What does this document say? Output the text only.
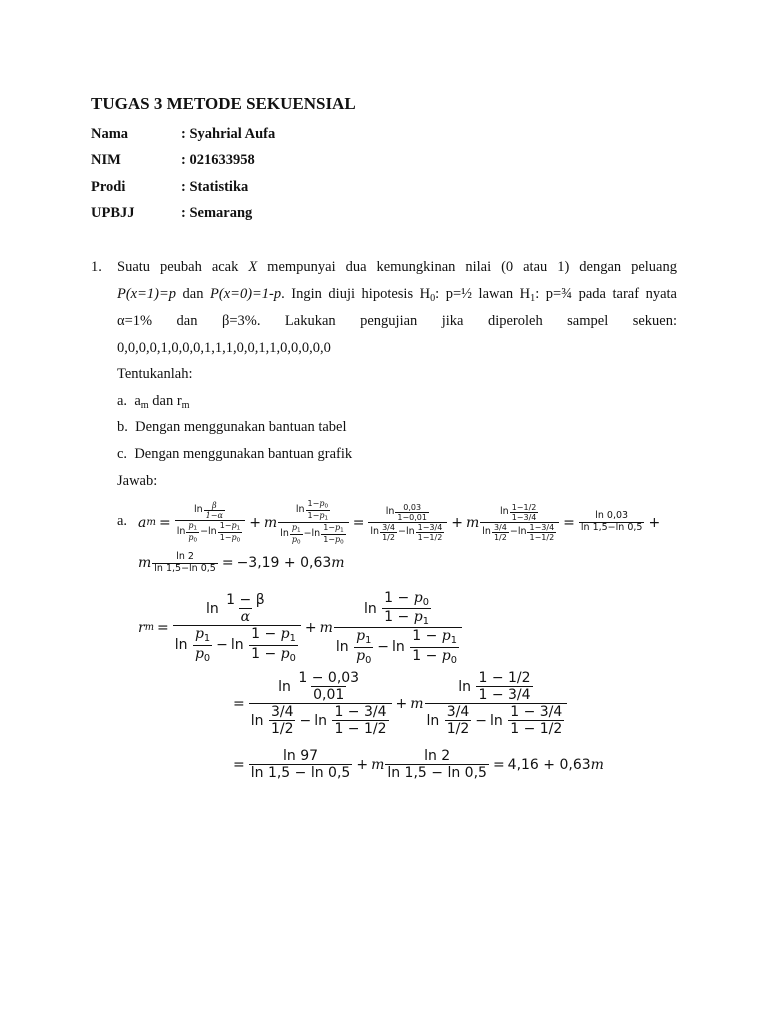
TUGAS 3 METODE SEKUENSIAL
Nama	: Syahrial Aufa
NIM	: 021633958
Prodi	: Statistika
UPBJJ	: Semarang
1. Suatu peubah acak X mempunyai dua kemungkinan nilai (0 atau 1) dengan peluang
P(x=1)=p dan P(x=0)=1-p. Ingin diuji hipotesis $H_0$: p=½ lawan $H_1$: p=¾ pada taraf nyata
α=1% dan β=3%. Lakukan pengujian jika diperoleh sampel sekuen:
0,0,0,0,1,0,0,0,1,1,1,0,0,1,1,0,0,0,0,0
Tentukanlah:
a. $a_m$ dan $r_m$
b. Dengan menggunakan bantuan tabel
c. Dengan menggunakan bantuan grafik
Jawab:
a. a $m = \frac{\ln \frac{\beta}{1-\alpha}}{\ln \frac{p_1}{p_0} - \ln \frac{1-p_1}{1-p_0}} + m \frac{\ln \frac{1-p_0}{1-p_1}}{\ln \frac{p_1}{p_0} - \ln \frac{1-p_1}{1-p_0}} = \frac{\ln \frac{0,03}{1-0,01}}{\ln \frac{3/4}{1/2} - \ln \frac{1-3/4}{1-1/2}} + m \frac{\ln \frac{1-1/2}{1-3/4}}{\ln \frac{3/4}{1/2} - \ln \frac{1-3/4}{1-1/2}} = \frac{\ln 0,03}{\ln 1,5-\ln 0,5}$ +
m $\frac{\ln 2}{\ln 1,5-\ln 0,5} = -3,19 + 0,63$ m
r m = ln
$\frac{1 - \beta}{\alpha}$
ln
$\frac{p_1}{p_0} - \ln$
$\frac{1 - p_1}{1 - p_0} + m$ ln
$\frac{1 - p_0}{1 - p_1}$
ln
$\frac{p_1}{p_0} - \ln$
$\frac{1 - p_1}{1 - p_0}$
= ln
$\frac{1 - 0,03}{0,01}$
ln
$\frac{3/4}{1/2} - \ln$
$\frac{1 - 3/4}{1 - 1/2} + m$ ln
$\frac{1 - 1/2}{1 - 3/4}$
ln
$\frac{3/4}{1/2} - \ln$
$\frac{1 - 3/4}{1 - 1/2}$
= $\frac{\ln 97}{\ln 1,5 - \ln 0,5} + m \frac{\ln 2}{\ln 1,5 - \ln 0,5} = 4,16 + 0,63$ m
